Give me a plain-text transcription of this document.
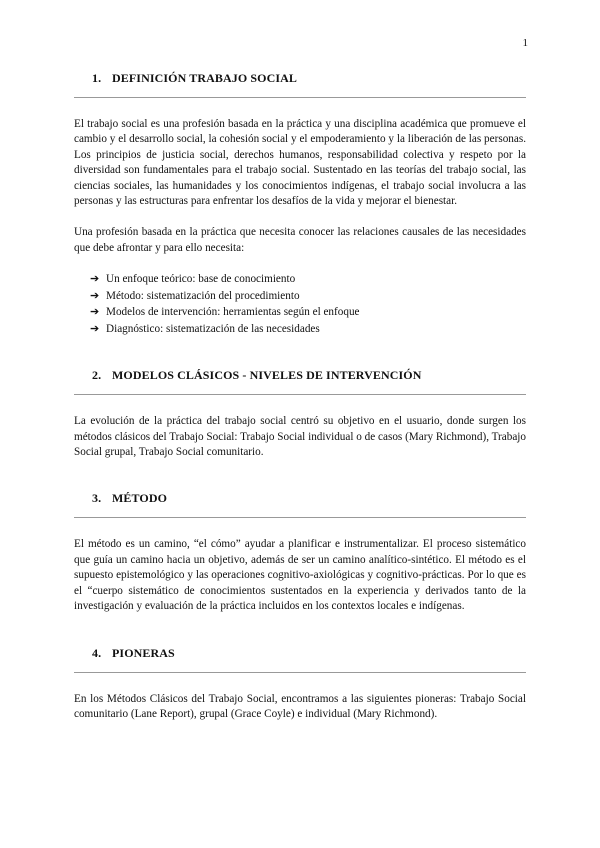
1
1. DEFINICIÓN TRABAJO SOCIAL

El trabajo social es una profesión basada en la práctica y una disciplina académica que promueve el cambio y el desarrollo social, la cohesión social y el empoderamiento y la liberación de las personas. Los principios de justicia social, derechos humanos, responsabilidad colectiva y respeto por la diversidad son fundamentales para el trabajo social. Sustentado en las teorías del trabajo social, las ciencias sociales, las humanidades y los conocimientos indígenas, el trabajo social involucra a las personas y las estructuras para enfrentar los desafíos de la vida y mejorar el bienestar.

Una profesión basada en la práctica que necesita conocer las relaciones causales de las necesidades que debe afrontar y para ello necesita:

➔ Un enfoque teórico: base de conocimiento
➔ Método: sistematización del procedimiento
➔ Modelos de intervención: herramientas según el enfoque
➔ Diagnóstico: sistematización de las necesidades
2. MODELOS CLÁSICOS - NIVELES DE INTERVENCIÓN

La evolución de la práctica del trabajo social centró su objetivo en el usuario, donde surgen los métodos clásicos del Trabajo Social: Trabajo Social individual o de casos (Mary Richmond), Trabajo Social grupal, Trabajo Social comunitario.

3. MÉTODO

El método es un camino, “el cómo” ayudar a planificar e instrumentalizar. El proceso sistemático que guía un camino hacia un objetivo, además de ser un camino analítico-sintético. El método es el supuesto epistemológico y las operaciones cognitivo-axiológicas y cognitivo-prácticas. Por lo que es el “cuerpo sistemático de conocimientos sustentados en la experiencia y derivados tanto de la investigación y evaluación de la práctica incluidos en los contextos locales e indígenas.

4. PIONERAS

En los Métodos Clásicos del Trabajo Social, encontramos a las siguientes pioneras: Trabajo Social comunitario (Lane Report), grupal (Grace Coyle) e individual (Mary Richmond).
